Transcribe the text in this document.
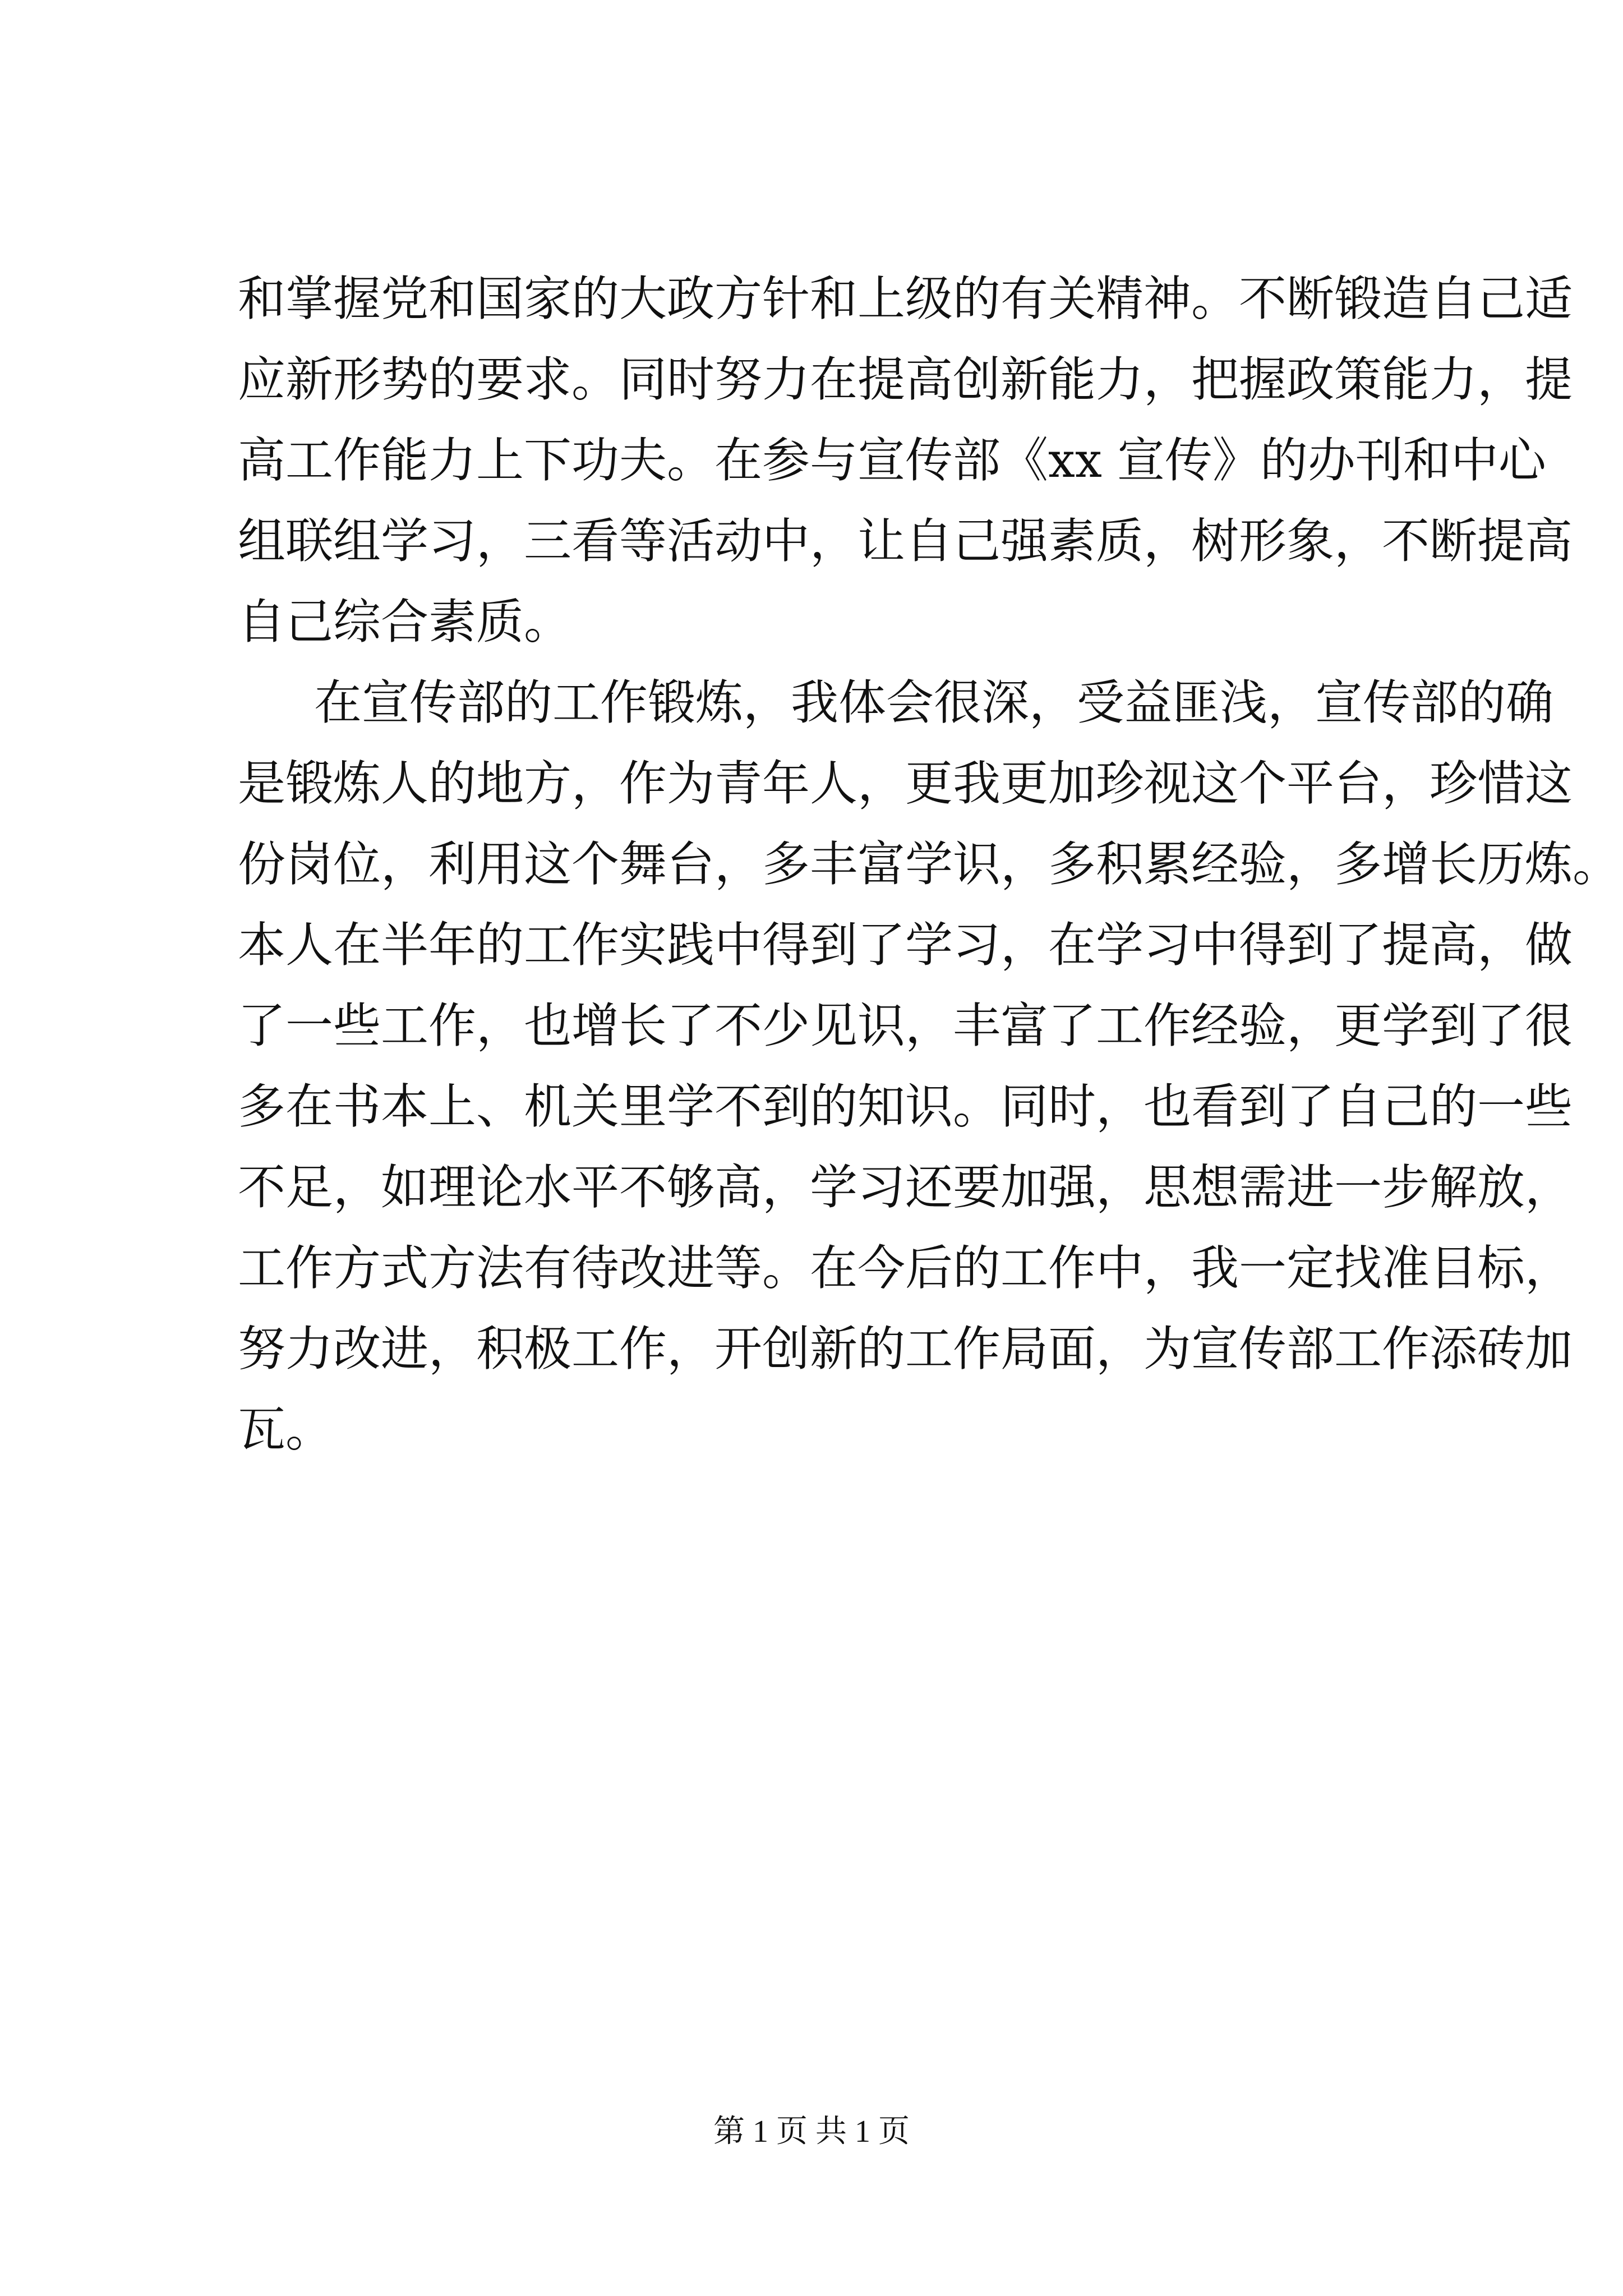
和掌握党和国家的大政方针和上级的有关精神。不断锻造自己适
应新形势的要求。同时努力在提高创新能力，把握政策能力，提
高工作能力上下功夫。在参与宣传部《xx 宣传》的办刊和中心
组联组学习，三看等活动中，让自己强素质，树形象，不断提高
自己综合素质。
在宣传部的工作锻炼，我体会很深，受益匪浅，宣传部的确
是锻炼人的地方，作为青年人，更我更加珍视这个平台，珍惜这
份岗位，利用这个舞台，多丰富学识，多积累经验，多增长历炼。
本人在半年的工作实践中得到了学习，在学习中得到了提高，做
了一些工作，也增长了不少见识，丰富了工作经验，更学到了很
多在书本上、机关里学不到的知识。同时，也看到了自己的一些
不足，如理论水平不够高，学习还要加强，思想需进一步解放，
工作方式方法有待改进等。在今后的工作中，我一定找准目标，
努力改进，积极工作，开创新的工作局面，为宣传部工作添砖加
瓦。
第 1 页 共 1 页
